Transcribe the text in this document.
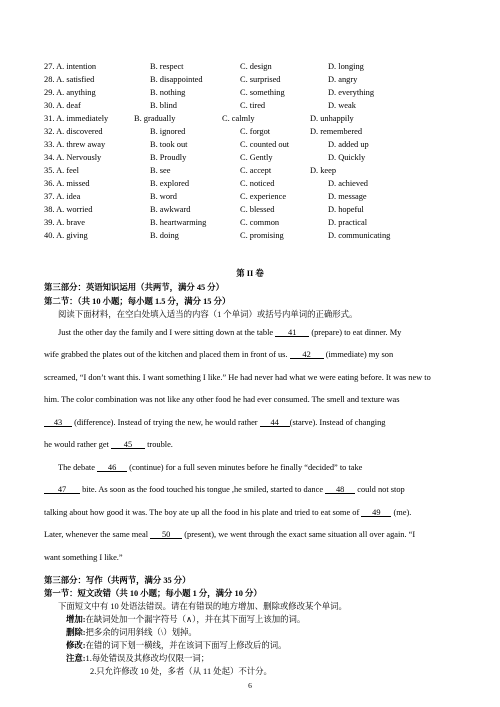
27. A. intention	B. respect	C. design	D. longing
28. A. satisfied	B. disappointed	C. surprised	D. angry
29. A. anything	B. nothing	C. something	D. everything
30. A. deaf	B. blind	C. tired	D. weak
31. A. immediately	B. gradually	C. calmly	D. unhappily
32. A. discovered	B. ignored	C. forgot	D. remembered
33. A. threw away	B. took out	C. counted out	D. added up
34. A. Nervously	B. Proudly	C. Gently	D. Quickly
35. A. feel	B. see	C. accept	D. keep
36. A. missed	B. explored	C. noticed	D. achieved
37. A. idea	B. word	C. experience	D. message
38. A. worried	B. awkward	C. blessed	D. hopeful
39. A. brave	B. heartwarming	C. common	D. practical
40. A. giving	B. doing	C. promising	D. communicating
第 II 卷
第三部分：英语知识运用（共两节，满分 45 分）
第二节：（共 10 小题；每小题 1.5 分，满分 15 分）
阅读下面材料，在空白处填入适当的内容（1 个单词）或括号内单词的正确形式。
Just the other day the family and I were sitting down at the table 41 (prepare) to eat dinner. My
wife grabbed the plates out of the kitchen and placed them in front of us. 42 (immediate) my son
screamed, “I don’t want this. I want something I like.” He had never had what we were eating before. It was new to
him. The color combination was not like any other food he had ever consumed. The smell and texture was
43 (difference). Instead of trying the new, he would rather 44 (starve). Instead of changing
he would rather get 45 trouble.
The debate 46 (continue) for a full seven minutes before he finally “decided” to take
47 bite. As soon as the food touched his tongue ,he smiled, started to dance 48 could not stop
talking about how good it was. The boy ate up all the food in his plate and tried to eat some of 49 (me).
Later, whenever the same meal 50 (present), we went through the exact same situation all over again. “I
want something I like.”
第三部分：写作（共两节，满分 35 分）
第一节：短文改错（共 10 小题；每小题 1 分，满分 10 分）
下面短文中有 10 处语法错误。请在有错误的地方增加、删除或修改某个单词。
增加:在缺词处加一个漏字符号（∧），并在其下面写上该加的词。
删除:把多余的词用斜线（\）划掉。
修改:在错的词下划一横线，并在该词下面写上修改后的词。
注意:1.每处错误及其修改均仅限一词；
2.只允许修改 10 处，多者（从 11 处起）不计分。
6
